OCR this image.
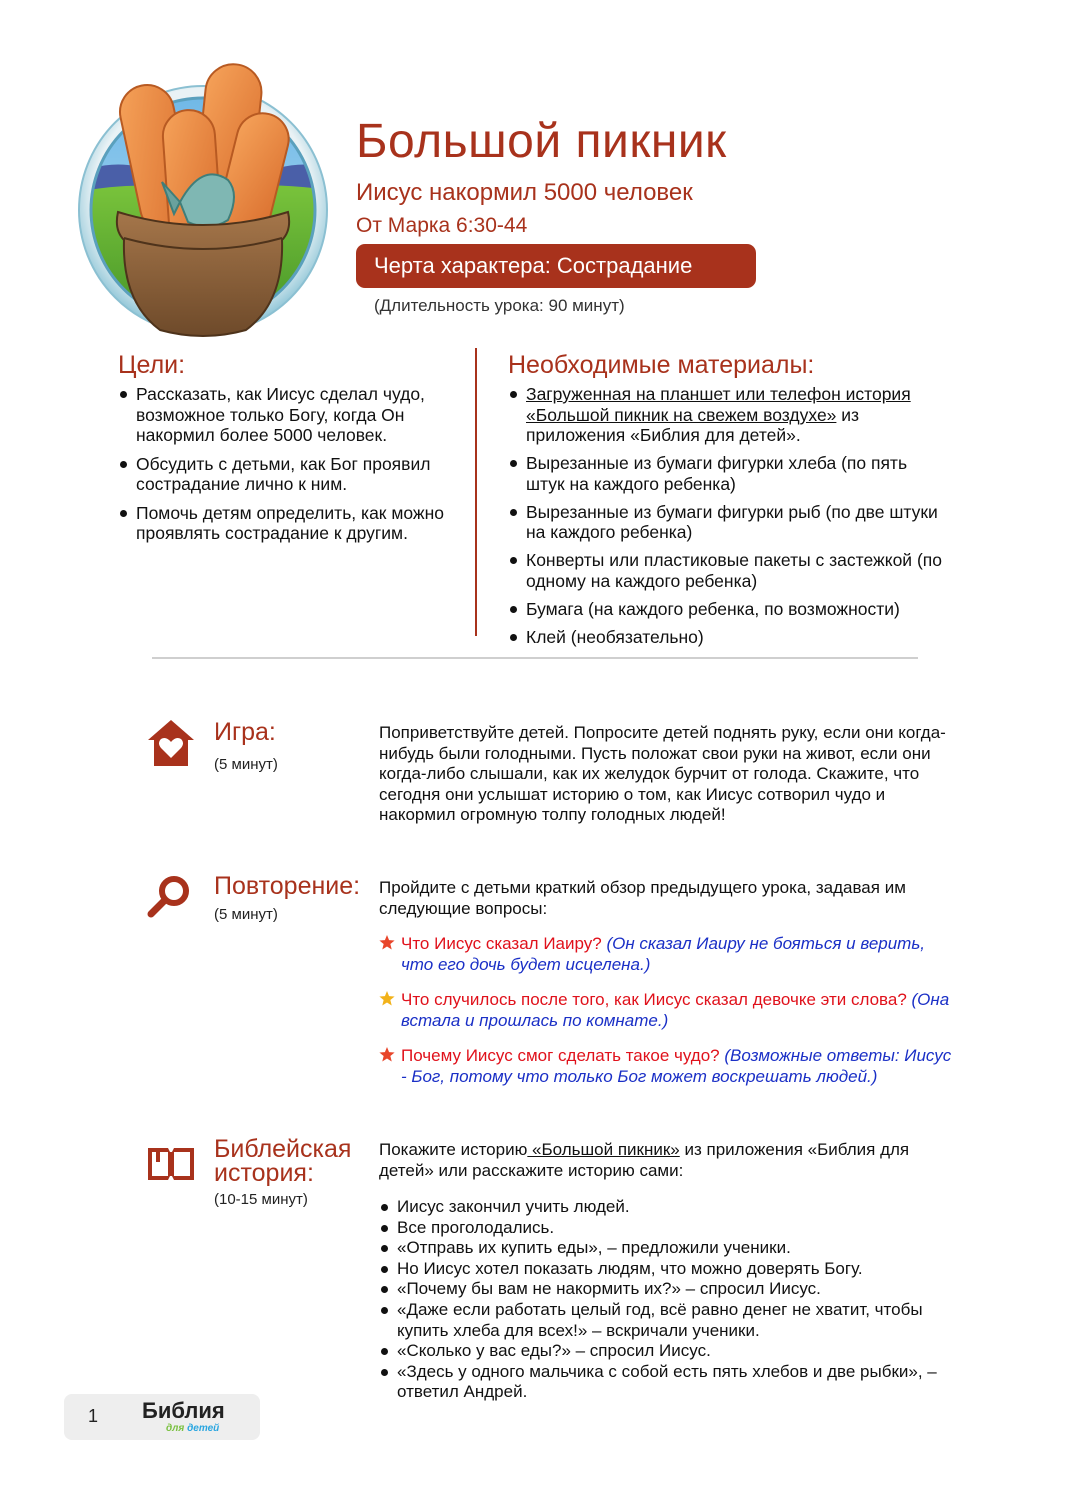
Большой пикник
Иисус накормил 5000 человек
От Марка 6:30-44
Черта характера: Сострадание
(Длительность урока: 90 минут)
Цели:
Рассказать, как Иисус сделал чудо, возможное только Богу, когда Он накормил более 5000 человек.
Обсудить с детьми, как Бог проявил сострадание лично к ним.
Помочь детям определить, как можно проявлять сострадание к другим.
Необходимые материалы:
Загруженная на планшет или телефон история «Большой пикник на свежем воздухе» из приложения «Библия для детей».
Вырезанные из бумаги фигурки хлеба (по пять штук на каждого ребенка)
Вырезанные из бумаги фигурки рыб (по две штуки на каждого ребенка)
Конверты или пластиковые пакеты с застежкой (по одному на каждого ребенка)
Бумага (на каждого ребенка, по возможности)
Клей (необязательно)
Игра:
(5 минут)
Поприветствуйте детей. Попросите детей поднять руку, если они когда-нибудь были голодными. Пусть положат свои руки на живот, если они когда-либо слышали, как их желудок бурчит от голода. Скажите, что сегодня они услышат историю о том, как Иисус сотворил чудо и накормил огромную толпу голодных людей!
Повторение:
(5 минут)
Пройдите с детьми краткий обзор предыдущего урока, задавая им следующие вопросы:
Что Иисус сказал Иаиру? (Он сказал Иаиру не бояться и верить, что его дочь будет исцелена.)
Что случилось после того, как Иисус сказал девочке эти слова? (Она встала и прошлась по комнате.)
Почему Иисус смог сделать такое чудо? (Возможные ответы: Иисус - Бог, потому что только Бог может воскрешать людей.)
Библейская
история:
(10-15 минут)
Покажите историю «Большой пикник» из приложения «Библия для детей» или расскажите историю сами:
Иисус закончил учить людей.
Все проголодались.
«Отправь их купить еды», – предложили ученики.
Но Иисус хотел показать людям, что можно доверять Богу.
«Почему бы вам не накормить их?» – спросил Иисус.
«Даже если работать целый год, всё равно денег не хватит, чтобы купить хлеба для всех!» – вскричали ученики.
«Сколько у вас еды?» – спросил Иисус.
«Здесь у одного мальчика с собой есть пять хлебов и две рыбки», – ответил Андрей.
1 Библия
для детей
